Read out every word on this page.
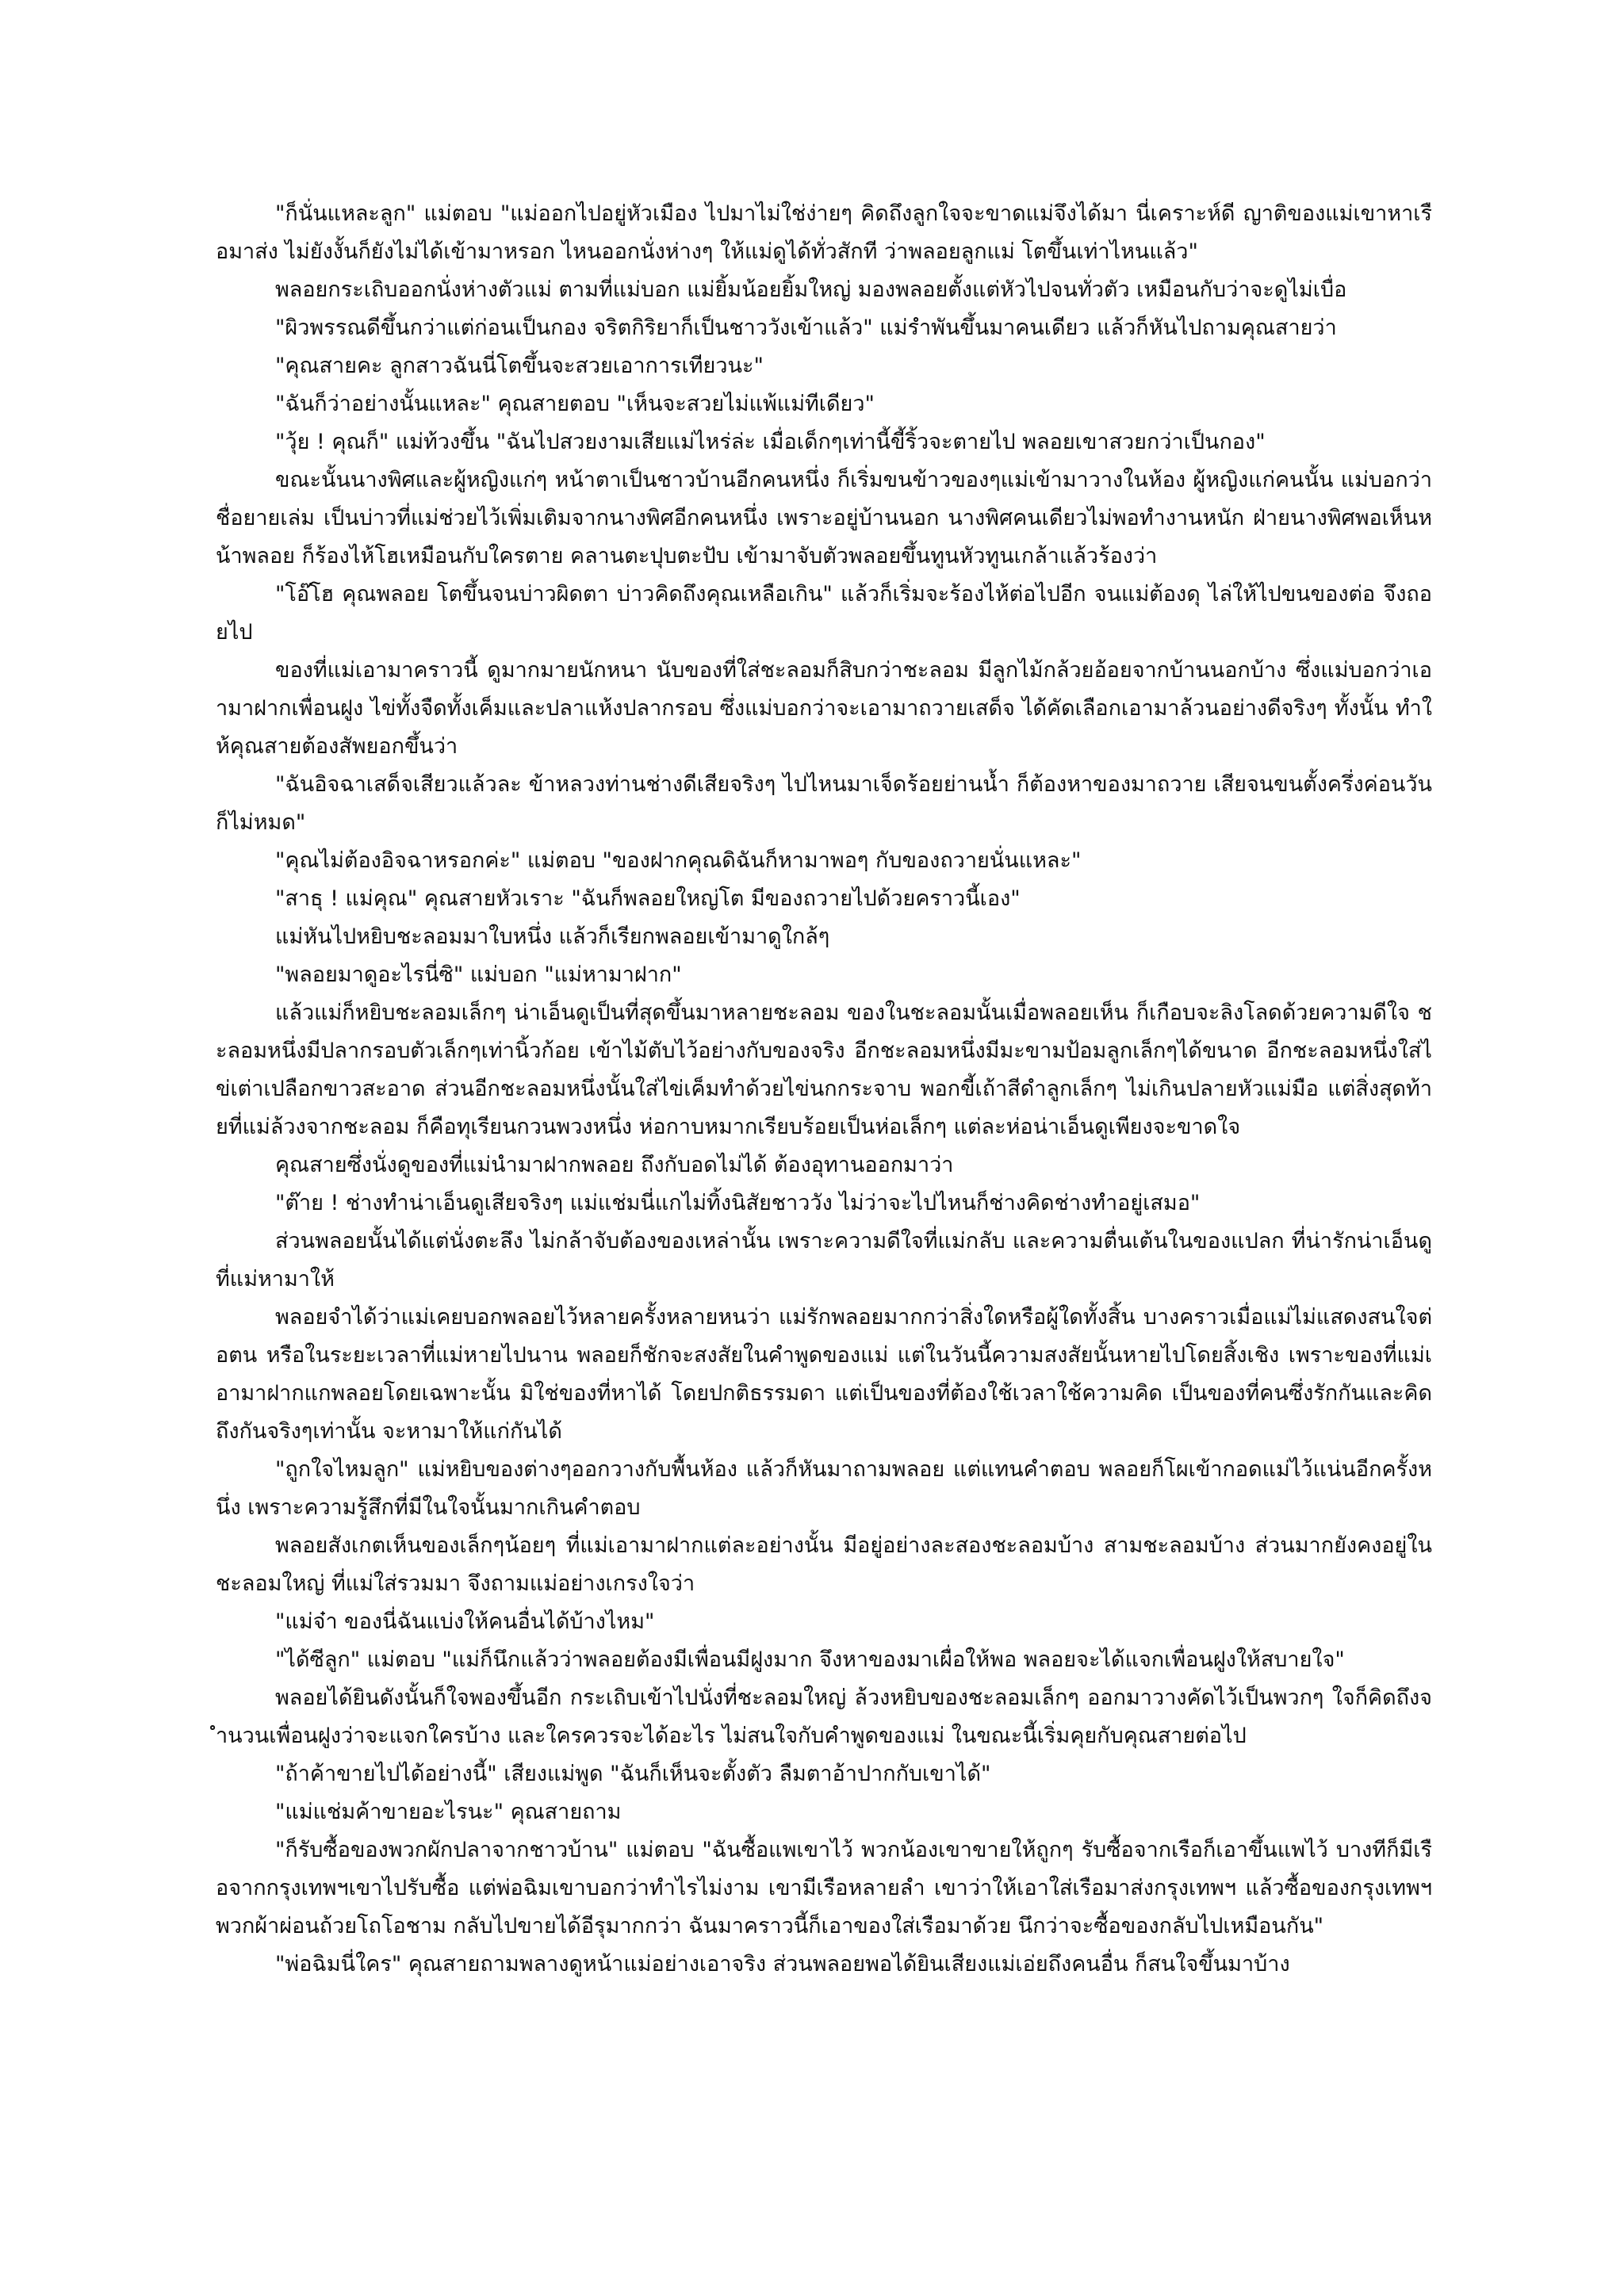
"ก็นั่นแหละลูก" แม่ตอบ "แม่ออกไปอยู่หัวเมือง ไปมาไม่ใช่ง่ายๆ คิดถึงลูกใจจะขาดแม่จึงได้มา นี่เคราะห์ดี ญาติของแม่เขาหาเรือมาส่ง ไม่ยังงั้นก็ยังไม่ได้เข้ามาหรอก ไหนออกนั่งห่างๆ ให้แม่ดูได้ทั่วสักที ว่าพลอยลูกแม่ โตขึ้นเท่าไหนแล้ว"

พลอยกระเถิบออกนั่งห่างตัวแม่ ตามที่แม่บอก แม่ยิ้มน้อยยิ้มใหญ่ มองพลอยตั้งแต่หัวไปจนทั่วตัว เหมือนกับว่าจะดูไม่เบื่อ

"ผิวพรรณดีขึ้นกว่าแต่ก่อนเป็นกอง จริตกิริยาก็เป็นชาววังเข้าแล้ว" แม่รำพันขึ้นมาคนเดียว แล้วก็หันไปถามคุณสายว่า

"คุณสายคะ ลูกสาวฉันนี่โตขึ้นจะสวยเอาการเทียวนะ"

"ฉันก็ว่าอย่างนั้นแหละ" คุณสายตอบ "เห็นจะสวยไม่แพ้แม่ทีเดียว"

"วุ้ย ! คุณก็" แม่ท้วงขึ้น "ฉันไปสวยงามเสียแม่ไหร่ล่ะ เมื่อเด็กๆเท่านี้ขี้ริ้วจะตายไป พลอยเขาสวยกว่าเป็นกอง"

ขณะนั้นนางพิศและผู้หญิงแก่ๆ หน้าตาเป็นชาวบ้านอีกคนหนึ่ง ก็เริ่มขนข้าวของๆแม่เข้ามาวางในห้อง ผู้หญิงแก่คนนั้น แม่บอกว่าชื่อยายเล่ม เป็นบ่าวที่แม่ช่วยไว้เพิ่มเติมจากนางพิศอีกคนหนึ่ง เพราะอยู่บ้านนอก นางพิศคนเดียวไม่พอทำงานหนัก ฝ่ายนางพิศพอเห็นหน้าพลอย ก็ร้องไห้โฮเหมือนกับใครตาย คลานตะปุบตะปับ เข้ามาจับตัวพลอยขึ้นทูนหัวทูนเกล้าแล้วร้องว่า

"โอ๊โฮ คุณพลอย โตขึ้นจนบ่าวผิดตา บ่าวคิดถึงคุณเหลือเกิน" แล้วก็เริ่มจะร้องไห้ต่อไปอีก จนแม่ต้องดุ ไล่ให้ไปขนของต่อ จึงถอยไป

ของที่แม่เอามาคราวนี้ ดูมากมายนักหนา นับของที่ใส่ชะลอมก็สิบกว่าชะลอม มีลูกไม้กล้วยอ้อยจากบ้านนอกบ้าง ซึ่งแม่บอกว่าเอามาฝากเพื่อนฝูง ไข่ทั้งจืดทั้งเค็มและปลาแห้งปลากรอบ ซึ่งแม่บอกว่าจะเอามาถวายเสด็จ ได้คัดเลือกเอามาล้วนอย่างดีจริงๆ ทั้งนั้น ทำให้คุณสายต้องสัพยอกขึ้นว่า

"ฉันอิจฉาเสด็จเสียวแล้วละ ข้าหลวงท่านช่างดีเสียจริงๆ ไปไหนมาเจ็ดร้อยย่านน้ำ ก็ต้องหาของมาถวาย เสียจนขนตั้งครึ่งค่อนวันก็ไม่หมด"

"คุณไม่ต้องอิจฉาหรอกค่ะ" แม่ตอบ "ของฝากคุณดิฉันก็หามาพอๆ กับของถวายนั่นแหละ"

"สาธุ ! แม่คุณ" คุณสายหัวเราะ "ฉันก็พลอยใหญ่โต มีของถวายไปด้วยคราวนี้เอง"

แม่หันไปหยิบชะลอมมาใบหนึ่ง แล้วก็เรียกพลอยเข้ามาดูใกล้ๆ

"พลอยมาดูอะไรนี่ซิ" แม่บอก "แม่หามาฝาก"

แล้วแม่ก็หยิบชะลอมเล็กๆ น่าเอ็นดูเป็นที่สุดขึ้นมาหลายชะลอม ของในชะลอมนั้นเมื่อพลอยเห็น ก็เกือบจะลิงโลดด้วยความดีใจ ชะลอมหนึ่งมีปลากรอบตัวเล็กๆเท่านิ้วก้อย เข้าไม้ตับไว้อย่างกับของจริง อีกชะลอมหนึ่งมีมะขามป้อมลูกเล็กๆได้ขนาด อีกชะลอมหนึ่งใส่ไข่เต่าเปลือกขาวสะอาด ส่วนอีกชะลอมหนึ่งนั้นใส่ไข่เค็มทำด้วยไข่นกกระจาบ พอกขี้เถ้าสีดำลูกเล็กๆ ไม่เกินปลายหัวแม่มือ แต่สิ่งสุดท้ายที่แม่ล้วงจากชะลอม ก็คือทุเรียนกวนพวงหนึ่ง ห่อกาบหมากเรียบร้อยเป็นห่อเล็กๆ แต่ละห่อน่าเอ็นดูเพียงจะขาดใจ

คุณสายซึ่งนั่งดูของที่แม่นำมาฝากพลอย ถึงกับอดไม่ได้ ต้องอุทานออกมาว่า

"ต๊าย ! ช่างทำน่าเอ็นดูเสียจริงๆ แม่แช่มนี่แกไม่ทิ้งนิสัยชาววัง ไม่ว่าจะไปไหนก็ช่างคิดช่างทำอยู่เสมอ"

ส่วนพลอยนั้นได้แต่นั่งตะลึง ไม่กล้าจับต้องของเหล่านั้น เพราะความดีใจที่แม่กลับ และความตื่นเต้นในของแปลก ที่น่ารักน่าเอ็นดู ที่แม่หามาให้

พลอยจำได้ว่าแม่เคยบอกพลอยไว้หลายครั้งหลายหนว่า แม่รักพลอยมากกว่าสิ่งใดหรือผู้ใดทั้งสิ้น บางคราวเมื่อแม่ไม่แสดงสนใจต่อตน หรือในระยะเวลาที่แม่หายไปนาน พลอยก็ชักจะสงสัยในคำพูดของแม่ แต่ในวันนี้ความสงสัยนั้นหายไปโดยสิ้งเชิง เพราะของที่แม่เอามาฝากแกพลอยโดยเฉพาะนั้น มิใช่ของที่หาได้ โดยปกติธรรมดา แต่เป็นของที่ต้องใช้เวลาใช้ความคิด เป็นของที่คนซึ่งรักกันและคิดถึงกันจริงๆเท่านั้น จะหามาให้แก่กันได้

"ถูกใจไหมลูก" แม่หยิบของต่างๆออกวางกับพื้นห้อง แล้วก็หันมาถามพลอย แต่แทนคำตอบ พลอยก็โผเข้ากอดแม่ไว้แน่นอีกครั้งหนึ่ง เพราะความรู้สึกที่มีในใจนั้นมากเกินคำตอบ

พลอยสังเกตเห็นของเล็กๆน้อยๆ ที่แม่เอามาฝากแต่ละอย่างนั้น มีอยู่อย่างละสองชะลอมบ้าง สามชะลอมบ้าง ส่วนมากยังคงอยู่ในชะลอมใหญ่ ที่แม่ใส่รวมมา จึงถามแม่อย่างเกรงใจว่า

"แม่จ๋า ของนี่ฉันแบ่งให้คนอื่นได้บ้างไหม"

"ได้ซีลูก" แม่ตอบ "แม่ก็นึกแล้วว่าพลอยต้องมีเพื่อนมีฝูงมาก จึงหาของมาเผื่อให้พอ พลอยจะได้แจกเพื่อนฝูงให้สบายใจ"

พลอยได้ยินดังนั้นก็ใจพองขึ้นอีก กระเถิบเข้าไปนั่งที่ชะลอมใหญ่ ล้วงหยิบของชะลอมเล็กๆ ออกมาวางคัดไว้เป็นพวกๆ ใจก็คิดถึงจำนวนเพื่อนฝูงว่าจะแจกใครบ้าง และใครควรจะได้อะไร ไม่สนใจกับคำพูดของแม่ ในขณะนี้เริ่มคุยกับคุณสายต่อไป

"ถ้าค้าขายไปได้อย่างนี้" เสียงแม่พูด "ฉันก็เห็นจะตั้งตัว ลืมตาอ้าปากกับเขาได้"

"แม่แช่มค้าขายอะไรนะ" คุณสายถาม

"ก็รับซื้อของพวกผักปลาจากชาวบ้าน" แม่ตอบ "ฉันซื้อแพเขาไว้ พวกน้องเขาขายให้ถูกๆ รับซื้อจากเรือก็เอาขึ้นแพไว้ บางทีก็มีเรือจากกรุงเทพฯเขาไปรับซื้อ แต่พ่อฉิมเขาบอกว่าทำไรไม่งาม เขามีเรือหลายลำ เขาว่าให้เอาใส่เรือมาส่งกรุงเทพฯ แล้วซื้อของกรุงเทพฯ พวกผ้าผ่อนถ้วยโถโอชาม กลับไปขายได้อีรุมากกว่า ฉันมาคราวนี้ก็เอาของใส่เรือมาด้วย นึกว่าจะซื้อของกลับไปเหมือนกัน"

"พ่อฉิมนี่ใคร" คุณสายถามพลางดูหน้าแม่อย่างเอาจริง ส่วนพลอยพอได้ยินเสียงแม่เอ่ยถึงคนอื่น ก็สนใจขึ้นมาบ้าง
